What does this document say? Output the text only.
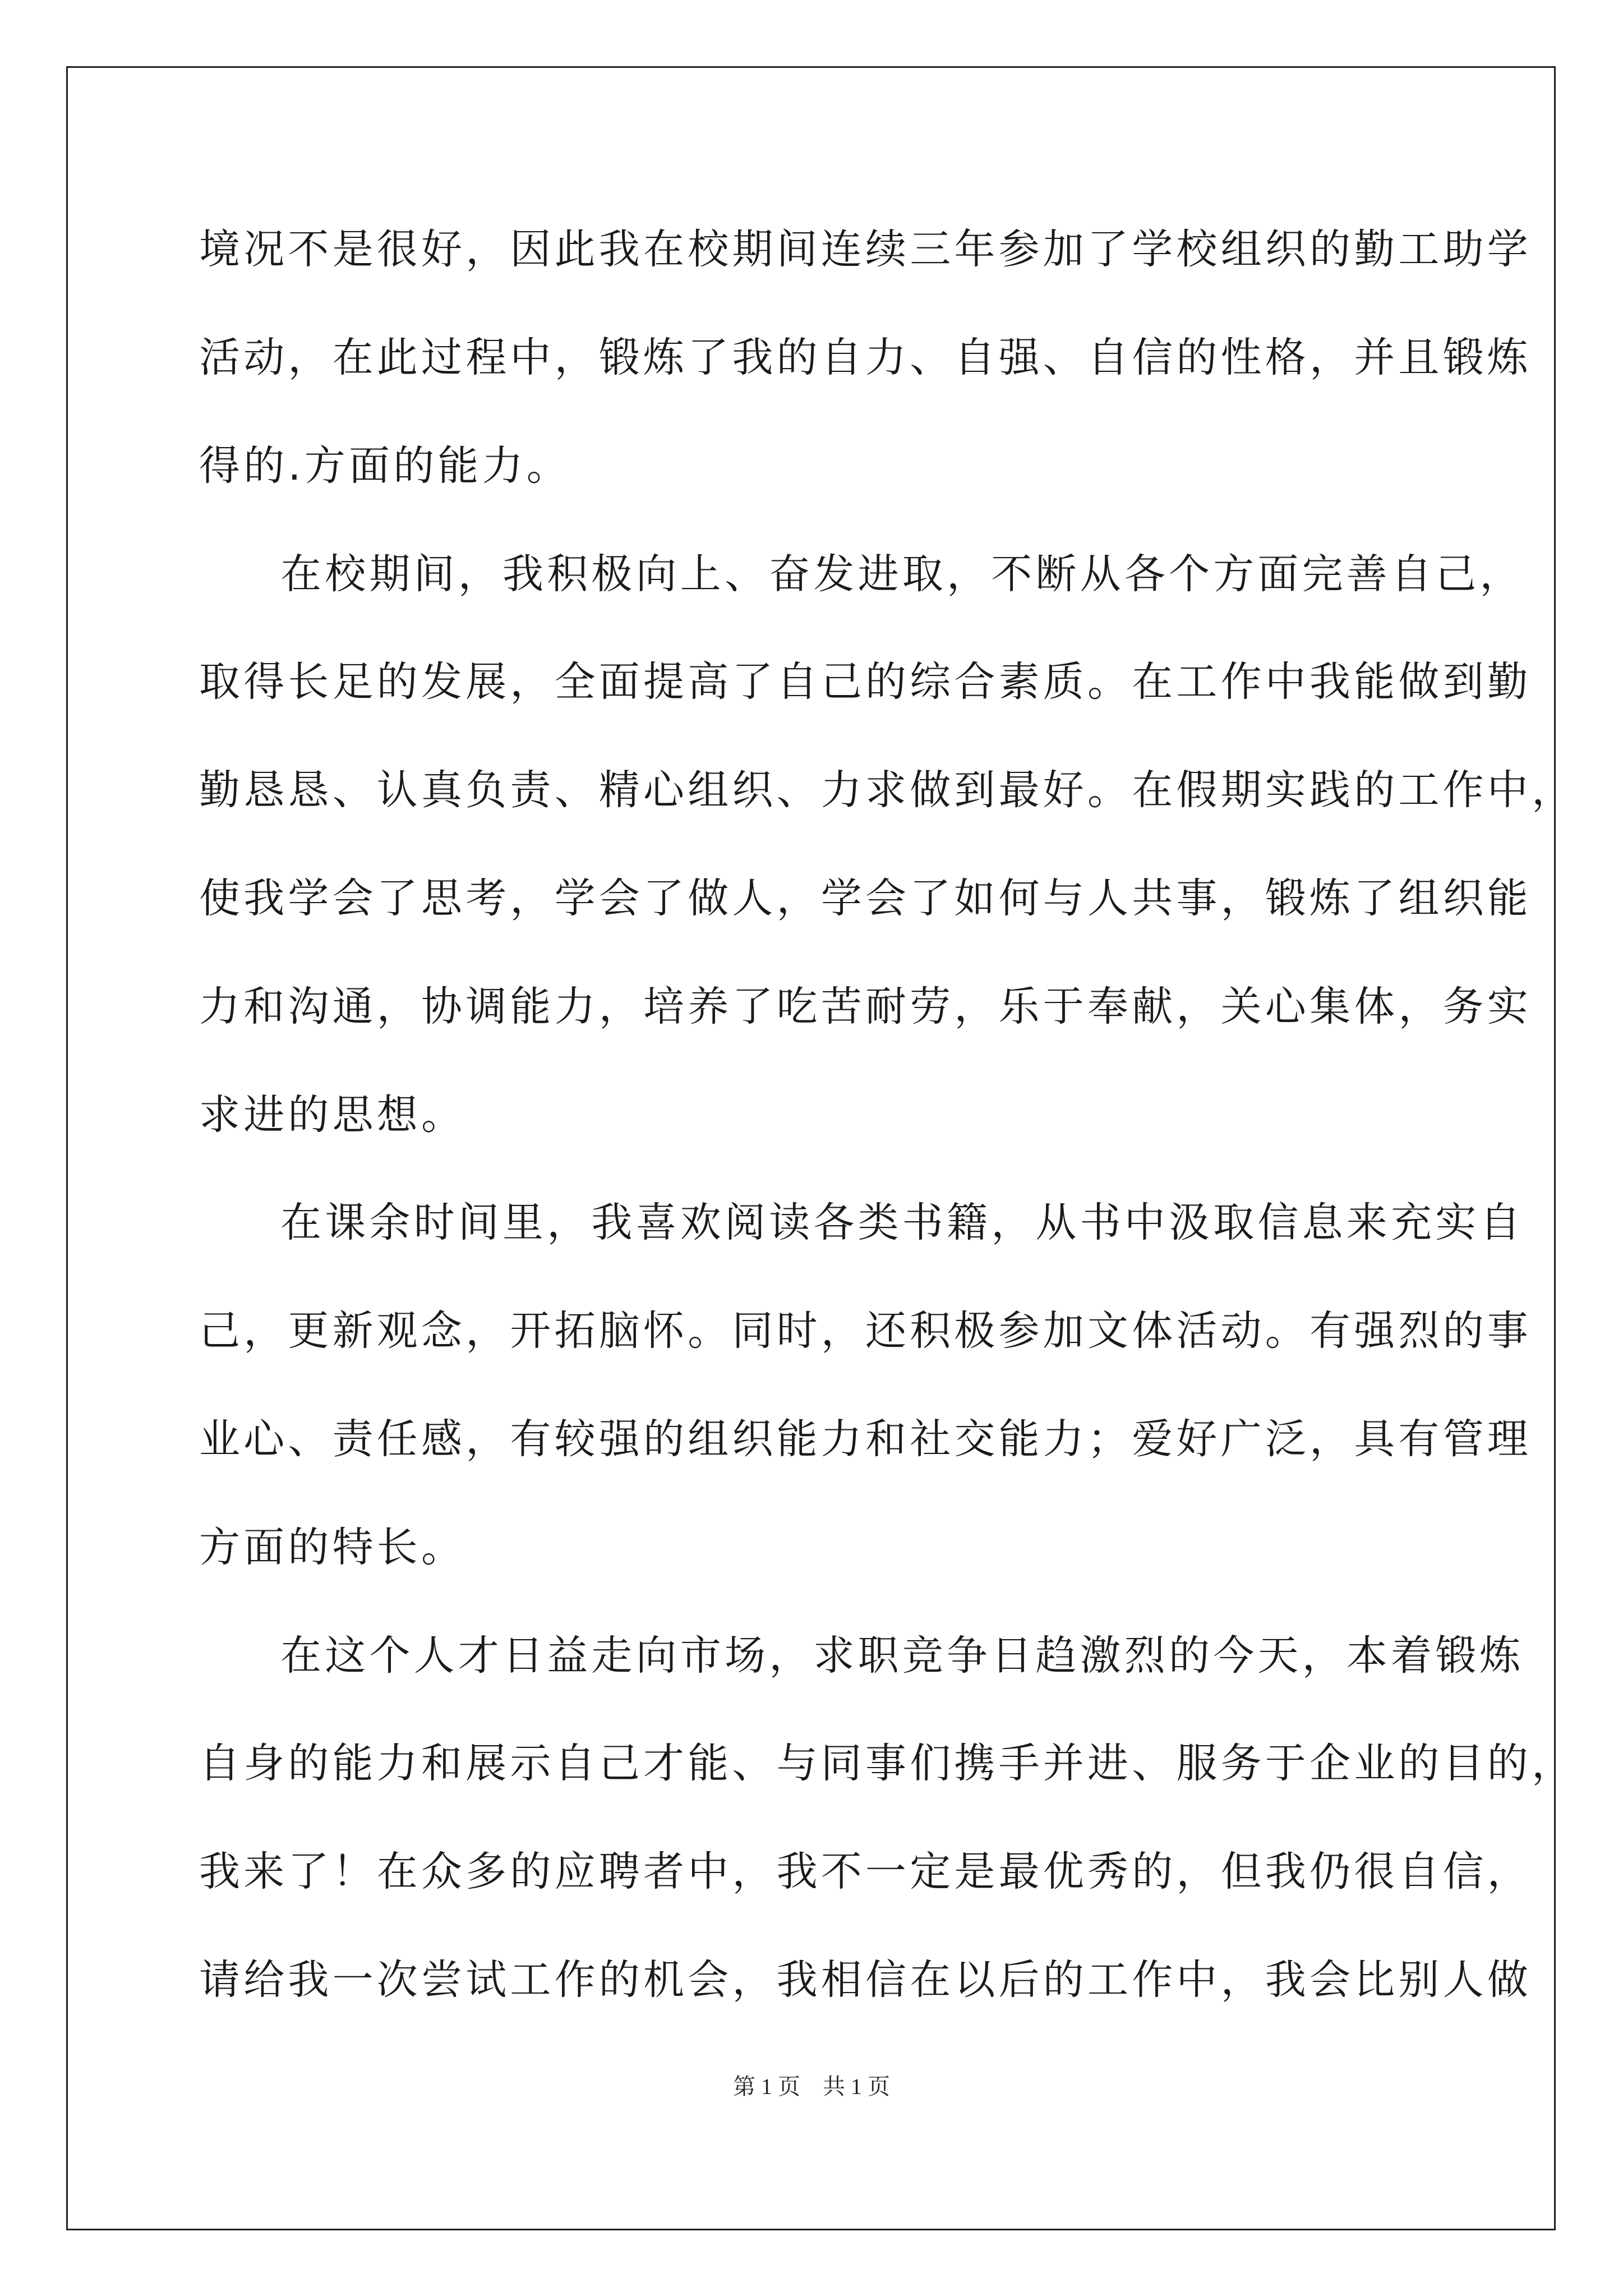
境况不是很好，因此我在校期间连续三年参加了学校组织的勤工助学
活动，在此过程中，锻炼了我的自力、自强、自信的性格，并且锻炼
得的.方面的能力。
在校期间，我积极向上、奋发进取，不断从各个方面完善自己，
取得长足的发展，全面提高了自己的综合素质。在工作中我能做到勤
勤恳恳、认真负责、精心组织、力求做到最好。在假期实践的工作中，
使我学会了思考，学会了做人，学会了如何与人共事，锻炼了组织能
力和沟通，协调能力，培养了吃苦耐劳，乐于奉献，关心集体，务实
求进的思想。
在课余时间里，我喜欢阅读各类书籍，从书中汲取信息来充实自
己，更新观念，开拓脑怀。同时，还积极参加文体活动。有强烈的事
业心、责任感，有较强的组织能力和社交能力；爱好广泛，具有管理
方面的特长。
在这个人才日益走向市场，求职竞争日趋激烈的今天，本着锻炼
自身的能力和展示自己才能、与同事们携手并进、服务于企业的目的，
我来了！在众多的应聘者中，我不一定是最优秀的，但我仍很自信，
请给我一次尝试工作的机会，我相信在以后的工作中，我会比别人做
第 1 页    共 1 页
